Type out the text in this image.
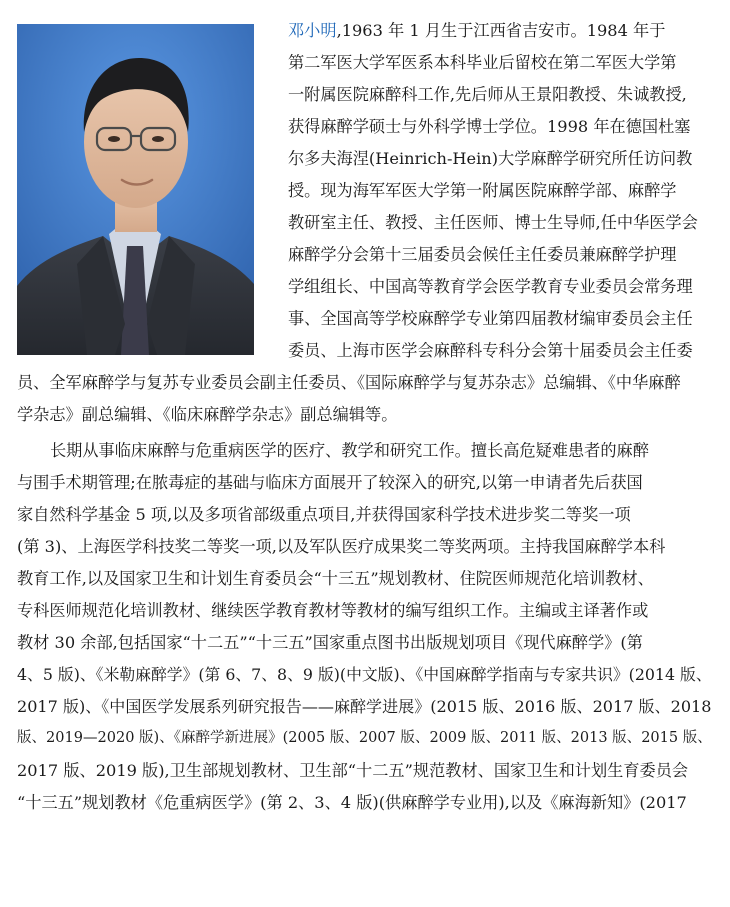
邓小明,1963 年 1 月生于江西省吉安市。1984 年于
第二军医大学军医系本科毕业后留校在第二军医大学第
一附属医院麻醉科工作,先后师从王景阳教授、朱诚教授,
获得麻醉学硕士与外科学博士学位。1998 年在德国杜塞
尔多夫海涅(Heinrich-Hein)大学麻醉学研究所任访问教
授。现为海军军医大学第一附属医院麻醉学部、麻醉学
教研室主任、教授、主任医师、博士生导师,任中华医学会
麻醉学分会第十三届委员会候任主任委员兼麻醉学护理
学组组长、中国高等教育学会医学教育专业委员会常务理
事、全国高等学校麻醉学专业第四届教材编审委员会主任
委员、上海市医学会麻醉科专科分会第十届委员会主任委
员、全军麻醉学与复苏专业委员会副主任委员、《国际麻醉学与复苏杂志》总编辑、《中华麻醉
学杂志》副总编辑、《临床麻醉学杂志》副总编辑等。
长期从事临床麻醉与危重病医学的医疗、教学和研究工作。擅长高危疑难患者的麻醉
与围手术期管理;在脓毒症的基础与临床方面展开了较深入的研究,以第一申请者先后获国
家自然科学基金 5 项,以及多项省部级重点项目,并获得国家科学技术进步奖二等奖一项
(第 3)、上海医学科技奖二等奖一项,以及军队医疗成果奖二等奖两项。主持我国麻醉学本科
教育工作,以及国家卫生和计划生育委员会“十三五”规划教材、住院医师规范化培训教材、
专科医师规范化培训教材、继续医学教育教材等教材的编写组织工作。主编或主译著作或
教材 30 余部,包括国家“十二五”“十三五”国家重点图书出版规划项目《现代麻醉学》(第
4、5 版)、《米勒麻醉学》(第 6、7、8、9 版)(中文版)、《中国麻醉学指南与专家共识》(2014 版、
2017 版)、《中国医学发展系列研究报告——麻醉学进展》(2015 版、2016 版、2017 版、2018
版、2019—2020 版)、《麻醉学新进展》(2005 版、2007 版、2009 版、2011 版、2013 版、2015 版、
2017 版、2019 版),卫生部规划教材、卫生部“十二五”规范教材、国家卫生和计划生育委员会
“十三五”规划教材《危重病医学》(第 2、3、4 版)(供麻醉学专业用),以及《麻海新知》(2017
